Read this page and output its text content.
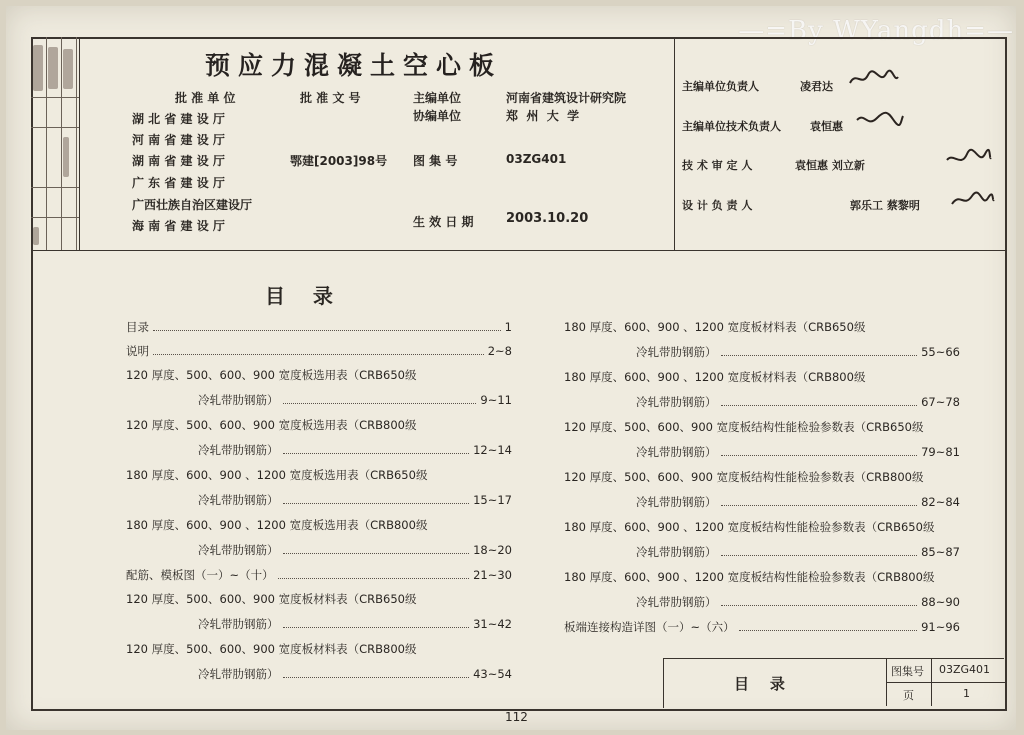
—=By WYangdh=—
预应力混凝土空心板
批 准 单 位
湖 北 省 建 设 厅
河 南 省 建 设 厅
湖 南 省 建 设 厅
广 东 省 建 设 厅
广西壮族自治区建设厅
海 南 省 建 设 厅
批 准 文 号
鄂建[2003]98号
主编单位	河南省建筑设计研究院
协编单位	郑  州  大  学
图 集 号	03ZG401
生 效 日 期 2003.10.20
主编单位负责人	凌君达
主编单位技术负责人	袁恒惠
技 术 审 定 人	袁恒惠 刘立新
设 计 负 责 人	郭乐工 蔡黎明
目    录
目录	1
说明	2~8
120 厚度、500、600、900 宽度板选用表（CRB650级
冷轧带肋钢筋）	9~11
120 厚度、500、600、900 宽度板选用表（CRB800级
冷轧带肋钢筋）	12~14
180 厚度、600、900 、1200 宽度板选用表（CRB650级
冷轧带肋钢筋）	15~17
180 厚度、600、900 、1200 宽度板选用表（CRB800级
冷轧带肋钢筋）	18~20
配筋、模板图（一）~（十）	21~30
120 厚度、500、600、900 宽度板材料表（CRB650级
冷轧带肋钢筋）	31~42
120 厚度、500、600、900 宽度板材料表（CRB800级
冷轧带肋钢筋）	43~54
180 厚度、600、900 、1200 宽度板材料表（CRB650级
冷轧带肋钢筋）	55~66
180 厚度、600、900 、1200 宽度板材料表（CRB800级
冷轧带肋钢筋）	67~78
120 厚度、500、600、900 宽度板结构性能检验参数表（CRB650级
冷轧带肋钢筋）	79~81
120 厚度、500、600、900 宽度板结构性能检验参数表（CRB800级
冷轧带肋钢筋）	82~84
180 厚度、600、900 、1200 宽度板结构性能检验参数表（CRB650级
冷轧带肋钢筋）	85~87
180 厚度、600、900 、1200 宽度板结构性能检验参数表（CRB800级
冷轧带肋钢筋）	88~90
板端连接构造详图（一）~（六）	91~96
目    录
图集号 03ZG401
页	1
112
